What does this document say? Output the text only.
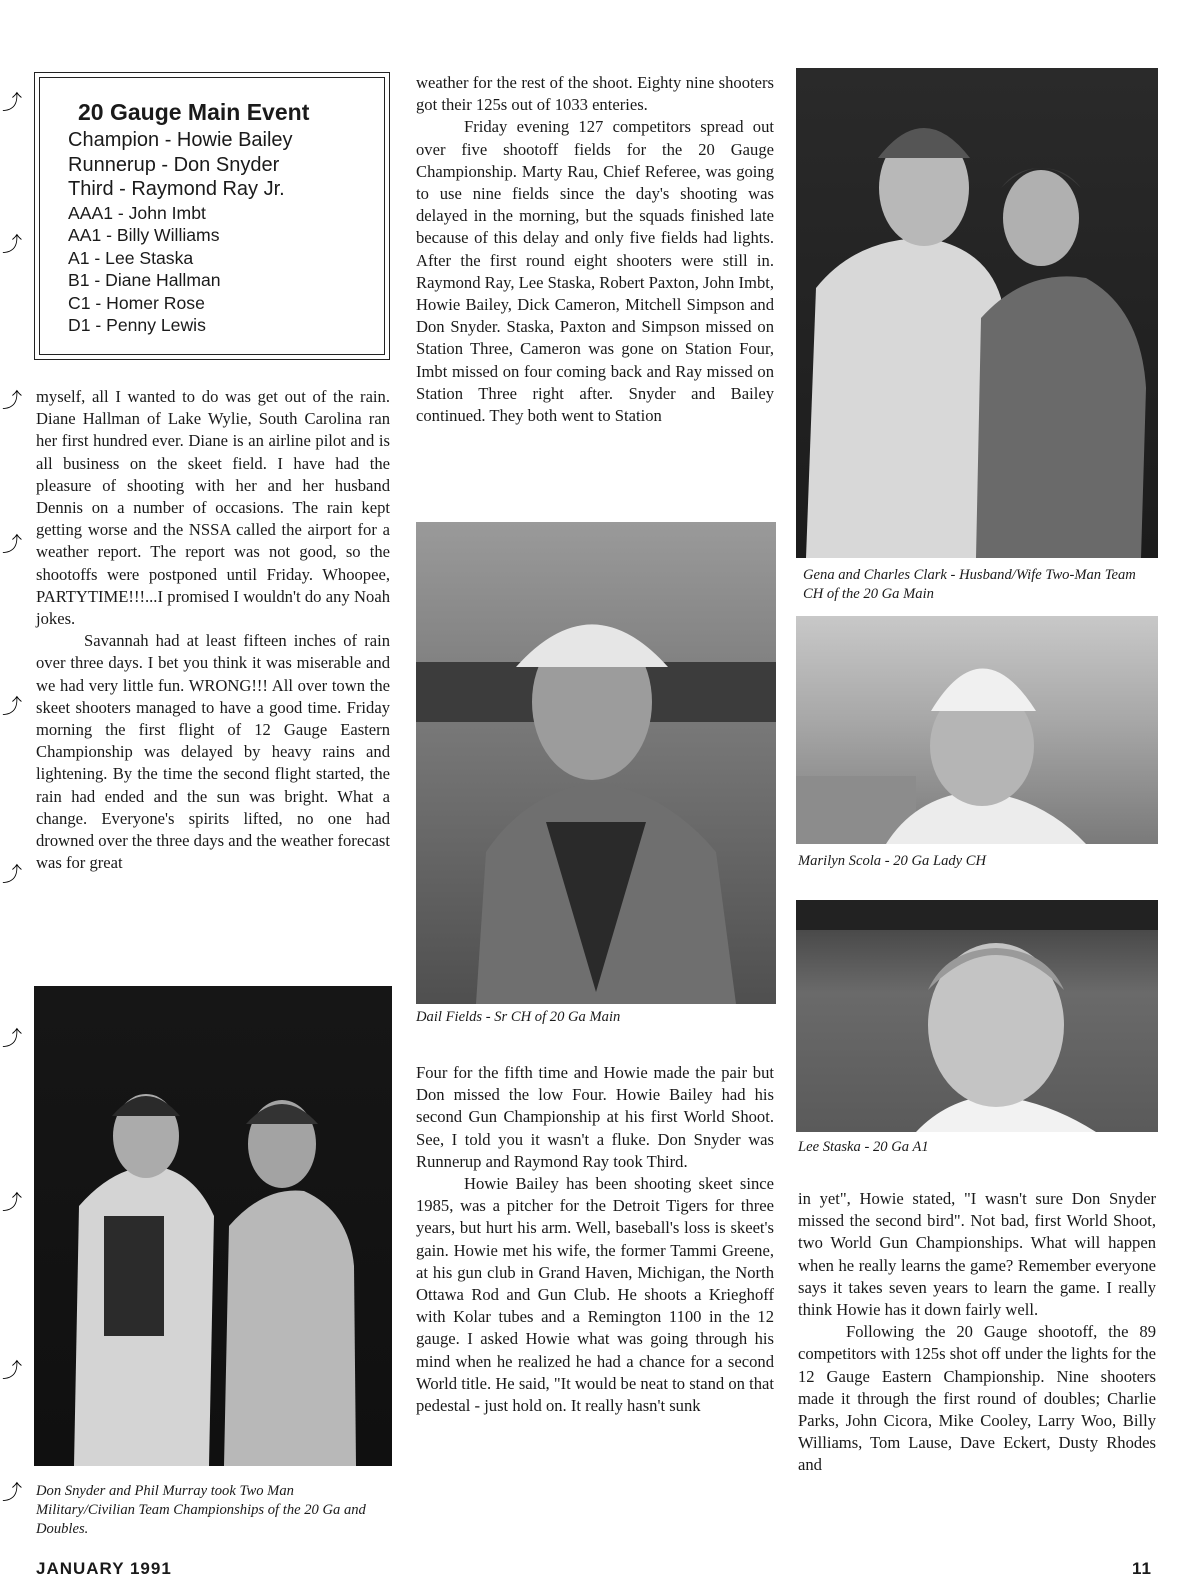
⤴
⤴
⤴
⤴
⤴
⤴
⤴
⤴
⤴
⤴
20 Gauge Main Event
Champion - Howie Bailey
Runnerup - Don Snyder
Third - Raymond Ray Jr.
AAA1 - John Imbt
AA1 - Billy Williams
A1 - Lee Staska
B1 - Diane Hallman
C1 - Homer Rose
D1 - Penny Lewis

myself, all I wanted to do was get out of the rain. Diane Hallman of Lake Wylie, South Carolina ran her first hundred ever. Diane is an airline pilot and is all business on the skeet field. I have had the pleasure of shooting with her and her husband Dennis on a number of occasions. The rain kept getting worse and the NSSA called the airport for a weather report. The report was not good, so the shootoffs were postponed until Friday. Whoopee, PARTYTIME!!!...I promised I wouldn't do any Noah jokes.

Savannah had at least fifteen inches of rain over three days. I bet you think it was miserable and we had very little fun. WRONG!!! All over town the skeet shooters managed to have a good time. Friday morning the first flight of 12 Gauge Eastern Championship was delayed by heavy rains and lightening. By the time the second flight started, the rain had ended and the sun was bright. What a change. Everyone's spirits lifted, no one had drowned over the three days and the weather forecast was for great

weather for the rest of the shoot. Eighty nine shooters got their 125s out of 1033 enteries.

Friday evening 127 competitors spread out over five shootoff fields for the 20 Gauge Championship. Marty Rau, Chief Referee, was going to use nine fields since the day's shooting was delayed in the morning, but the squads finished late because of this delay and only five fields had lights. After the first round eight shooters were still in. Raymond Ray, Lee Staska, Robert Paxton, John Imbt, Howie Bailey, Dick Cameron, Mitchell Simpson and Don Snyder. Staska, Paxton and Simpson missed on Station Three, Cameron was gone on Station Four, Imbt missed on four coming back and Ray missed on Station Three right after. Snyder and Bailey continued. They both went to Station

Dail Fields - Sr CH of 20 Ga Main

Four for the fifth time and Howie made the pair but Don missed the low Four. Howie Bailey had his second Gun Championship at his first World Shoot. See, I told you it wasn't a fluke. Don Snyder was Runnerup and Raymond Ray took Third.

Howie Bailey has been shooting skeet since 1985, was a pitcher for the Detroit Tigers for three years, but hurt his arm. Well, baseball's loss is skeet's gain. Howie met his wife, the former Tammi Greene, at his gun club in Grand Haven, Michigan, the North Ottawa Rod and Gun Club. He shoots a Krieghoff with Kolar tubes and a Remington 1100 in the 12 gauge. I asked Howie what was going through his mind when he realized he had a chance for a second World title. He said, "It would be neat to stand on that pedestal - just hold on. It really hasn't sunk

Gena and Charles Clark - Husband/Wife Two-Man Team CH of the 20 Ga Main
Marilyn Scola - 20 Ga Lady CH
Lee Staska - 20 Ga A1

in yet", Howie stated, "I wasn't sure Don Snyder missed the second bird". Not bad, first World Shoot, two World Gun Championships. What will happen when he really learns the game? Remember everyone says it takes seven years to learn the game. I really think Howie has it down fairly well.

Following the 20 Gauge shootoff, the 89 competitors with 125s shot off under the lights for the 12 Gauge Eastern Championship. Nine shooters made it through the first round of doubles; Charlie Parks, John Cicora, Mike Cooley, Larry Woo, Billy Williams, Tom Lause, Dave Eckert, Dusty Rhodes and

Don Snyder and Phil Murray took Two Man Military/Civilian Team Championships of the 20 Ga and Doubles.
JANUARY 1991	11
